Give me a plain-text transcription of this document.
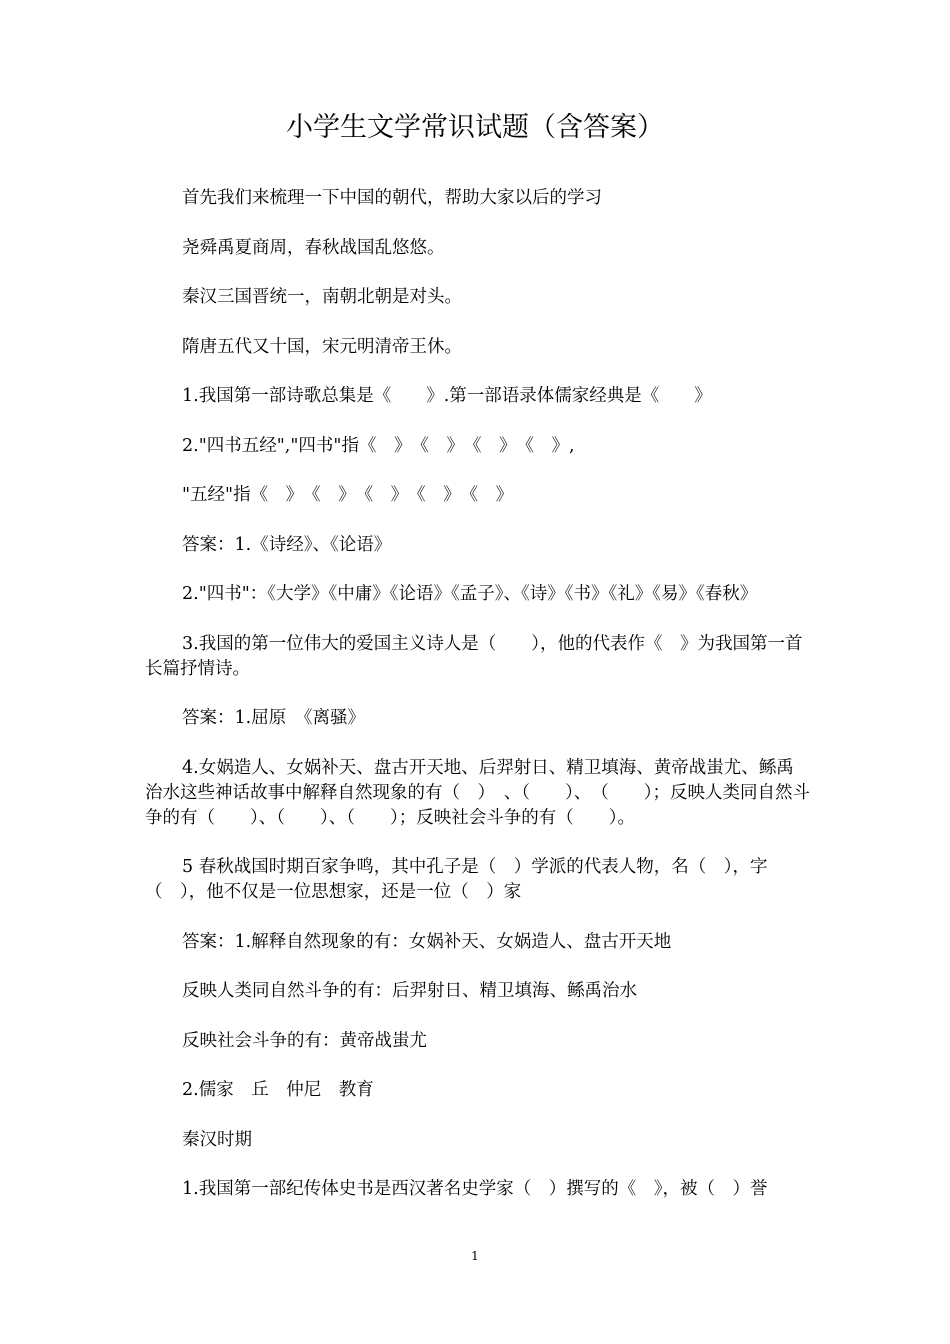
小学生文学常识试题（含答案）

首先我们来梳理一下中国的朝代，帮助大家以后的学习

尧舜禹夏商周，春秋战国乱悠悠。

秦汉三国晋统一，南朝北朝是对头。

隋唐五代又十国，宋元明清帝王休。

1.我国第一部诗歌总集是《　　》.第一部语录体儒家经典是《　　》

2."四书五经","四书"指《　》　《　》　《　》　《　》,

"五经"指《　》　《　》　《　》　《　》　《　》

答案：1.《诗经》、《论语》

2."四书"：《大学》《中庸》《论语》《孟子》、《诗》《书》《礼》《易》《春秋》

3.我国的第一位伟大的爱国主义诗人是（　　），他的代表作《　》为我国第一首长篇抒情诗。

答案：1.屈原　《离骚》

4.女娲造人、女娲补天、盘古开天地、后羿射日、精卫填海、黄帝战蚩尤、鲧禹治水这些神话故事中解释自然现象的有（　）　、（　　）、　（　　）；反映人类同自然斗争的有（　　）、（　　）、（　　）；反映社会斗争的有（　　）。

5 春秋战国时期百家争鸣，其中孔子是（　）学派的代表人物，名（　），字（　），他不仅是一位思想家，还是一位（　）家

答案：1.解释自然现象的有：女娲补天、女娲造人、盘古开天地

反映人类同自然斗争的有：后羿射日、精卫填海、鲧禹治水

反映社会斗争的有：黄帝战蚩尤

2.儒家　丘　仲尼　教育

秦汉时期

1.我国第一部纪传体史书是西汉著名史学家（　）撰写的《　》，被（　）誉

1
